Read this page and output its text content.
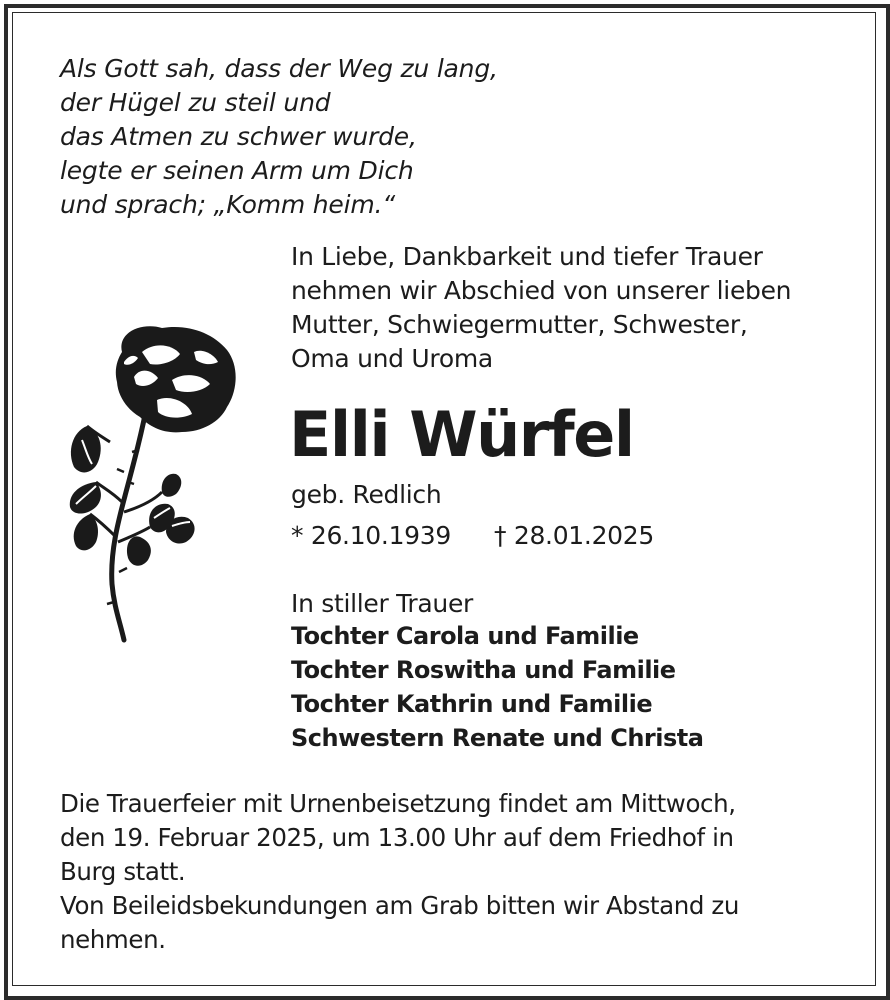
Als Gott sah, dass der Weg zu lang,
der Hügel zu steil und
das Atmen zu schwer wurde,
legte er seinen Arm um Dich
und sprach; „Komm heim.“
In Liebe, Dankbarkeit und tiefer Trauer
nehmen wir Abschied von unserer lieben
Mutter, Schwiegermutter, Schwester,
Oma und Uroma
Elli Würfel
geb. Redlich
* 26.10.1939 † 28.01.2025
In stiller Trauer
Tochter Carola und Familie
Tochter Roswitha und Familie
Tochter Kathrin und Familie
Schwestern Renate und Christa
Die Trauerfeier mit Urnenbeisetzung findet am Mittwoch,
den 19. Februar 2025, um 13.00 Uhr auf dem Friedhof in
Burg statt.
Von Beileidsbekundungen am Grab bitten wir Abstand zu
nehmen.
